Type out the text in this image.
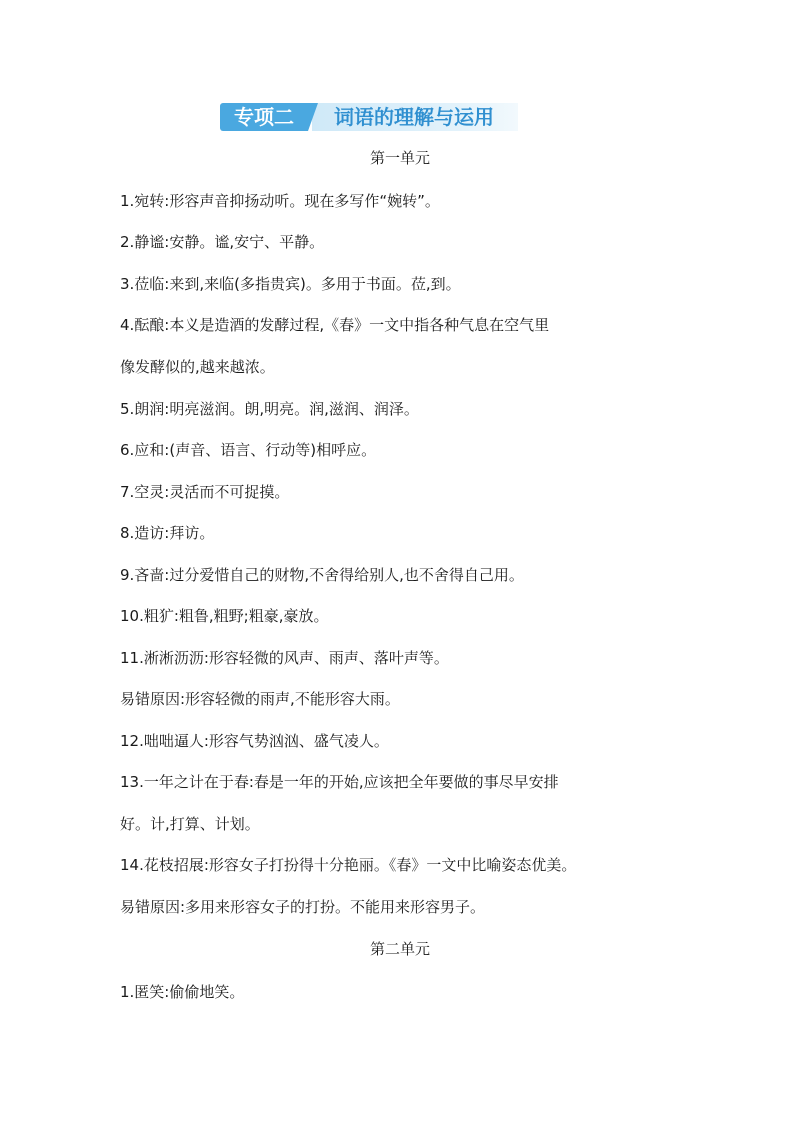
专项二	词语的理解与运用
第一单元
1.宛转:形容声音抑扬动听。现在多写作“婉转”。
2.静谧:安静。谧,安宁、平静。
3.莅临:来到,来临(多指贵宾)。多用于书面。莅,到。
4.酝酿:本义是造酒的发酵过程,《春》一文中指各种气息在空气里
像发酵似的,越来越浓。
5.朗润:明亮滋润。朗,明亮。润,滋润、润泽。
6.应和:(声音、语言、行动等)相呼应。
7.空灵:灵活而不可捉摸。
8.造访:拜访。
9.吝啬:过分爱惜自己的财物,不舍得给别人,也不舍得自己用。
10.粗犷:粗鲁,粗野;粗豪,豪放。
11.淅淅沥沥:形容轻微的风声、雨声、落叶声等。
易错原因:形容轻微的雨声,不能形容大雨。
12.咄咄逼人:形容气势汹汹、盛气凌人。
13.一年之计在于春:春是一年的开始,应该把全年要做的事尽早安排
好。计,打算、计划。
14.花枝招展:形容女子打扮得十分艳丽。《春》一文中比喻姿态优美。
易错原因:多用来形容女子的打扮。不能用来形容男子。
第二单元
1.匿笑:偷偷地笑。
